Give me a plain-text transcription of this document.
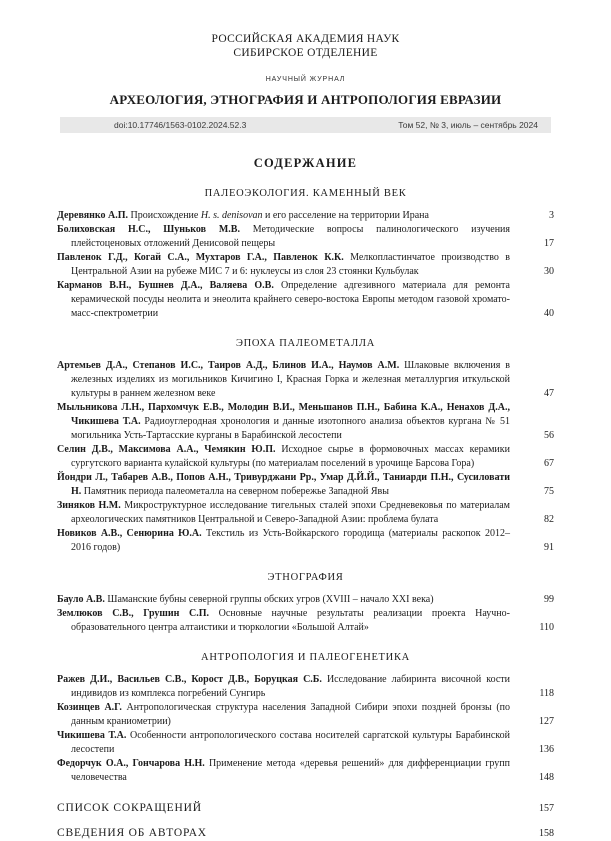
РОССИЙСКАЯ АКАДЕМИЯ НАУК
СИБИРСКОЕ ОТДЕЛЕНИЕ
НАУЧНЫЙ ЖУРНАЛ
АРХЕОЛОГИЯ, ЭТНОГРАФИЯ И АНТРОПОЛОГИЯ ЕВРАЗИИ
doi:10.17746/1563-0102.2024.52.3	Том 52, № 3, июль – сентябрь 2024
СОДЕРЖАНИЕ
ПАЛЕОЭКОЛОГИЯ. КАМЕННЫЙ ВЕК
Деревянко А.П. Происхождение H. s. denisovan и его расселение на территории Ирана	3
Болиховская Н.С., Шуньков М.В. Методические вопросы палинологического изучения плейстоценовых отложений Денисовой пещеры	17
Павленок Г.Д., Когай С.А., Мухтаров Г.А., Павленок К.К. Мелкопластинчатое производство в Центральной Азии на рубеже МИС 7 и 6: нуклеусы из слоя 23 стоянки Кульбулак	30
Карманов В.Н., Бушнев Д.А., Валяева О.В. Определение адгезивного материала для ремонта керамической посуды неолита и энеолита крайнего северо-востока Европы методом газовой хромато-масс-спектрометрии	40
ЭПОХА ПАЛЕОМЕТАЛЛА
Артемьев Д.А., Степанов И.С., Таиров А.Д., Блинов И.А., Наумов А.М. Шлаковые включения в железных изделиях из могильников Кичигино I, Красная Горка и железная металлургия иткульской культуры в раннем железном веке	47
Мыльникова Л.Н., Пархомчук Е.В., Молодин В.И., Меньшанов П.Н., Бабина К.А., Ненахов Д.А., Чикишева Т.А. Радиоуглеродная хронология и данные изотопного анализа объектов кургана № 51 могильника Усть-Тартасские курганы в Барабинской лесостепи	56
Селин Д.В., Максимова А.А., Чемякин Ю.П. Исходное сырье в формовочных массах керамики сургутского варианта кулайской культуры (по материалам поселений в урочище Барсова Гора)	67
Йондри Л., Табарев А.В., Попов А.Н., Тривурджани Рр., Умар Д.Й.Й., Таниарди П.Н., Сусиловати Н. Памятник периода палеометалла на северном побережье Западной Явы	75
Зиняков Н.М. Микроструктурное исследование тигельных сталей эпохи Средневековья по материалам археологических памятников Центральной и Северо-Западной Азии: проблема булата	82
Новиков А.В., Сенюрина Ю.А. Текстиль из Усть-Войкарского городища (материалы раскопок 2012–2016 годов)	91
ЭТНОГРАФИЯ
Бауло А.В. Шаманские бубны северной группы обских угров (XVIII – начало XXI века)	99
Землюков С.В., Грушин С.П. Основные научные результаты реализации проекта Научно-образовательного центра алтаистики и тюркологии «Большой Алтай»	110
АНТРОПОЛОГИЯ И ПАЛЕОГЕНЕТИКА
Ражев Д.И., Васильев С.В., Корост Д.В., Боруцкая С.Б. Исследование лабиринта височной кости индивидов из комплекса погребений Сунгирь	118
Козинцев А.Г. Антропологическая структура населения Западной Сибири эпохи поздней бронзы (по данным краниометрии)	127
Чикишева Т.А. Особенности антропологического состава носителей саргатской культуры Барабинской лесостепи	136
Федорчук О.А., Гончарова Н.Н. Применение метода «деревья решений» для дифференциации групп человечества	148
СПИСОК СОКРАЩЕНИЙ	157
СВЕДЕНИЯ ОБ АВТОРАХ	158
